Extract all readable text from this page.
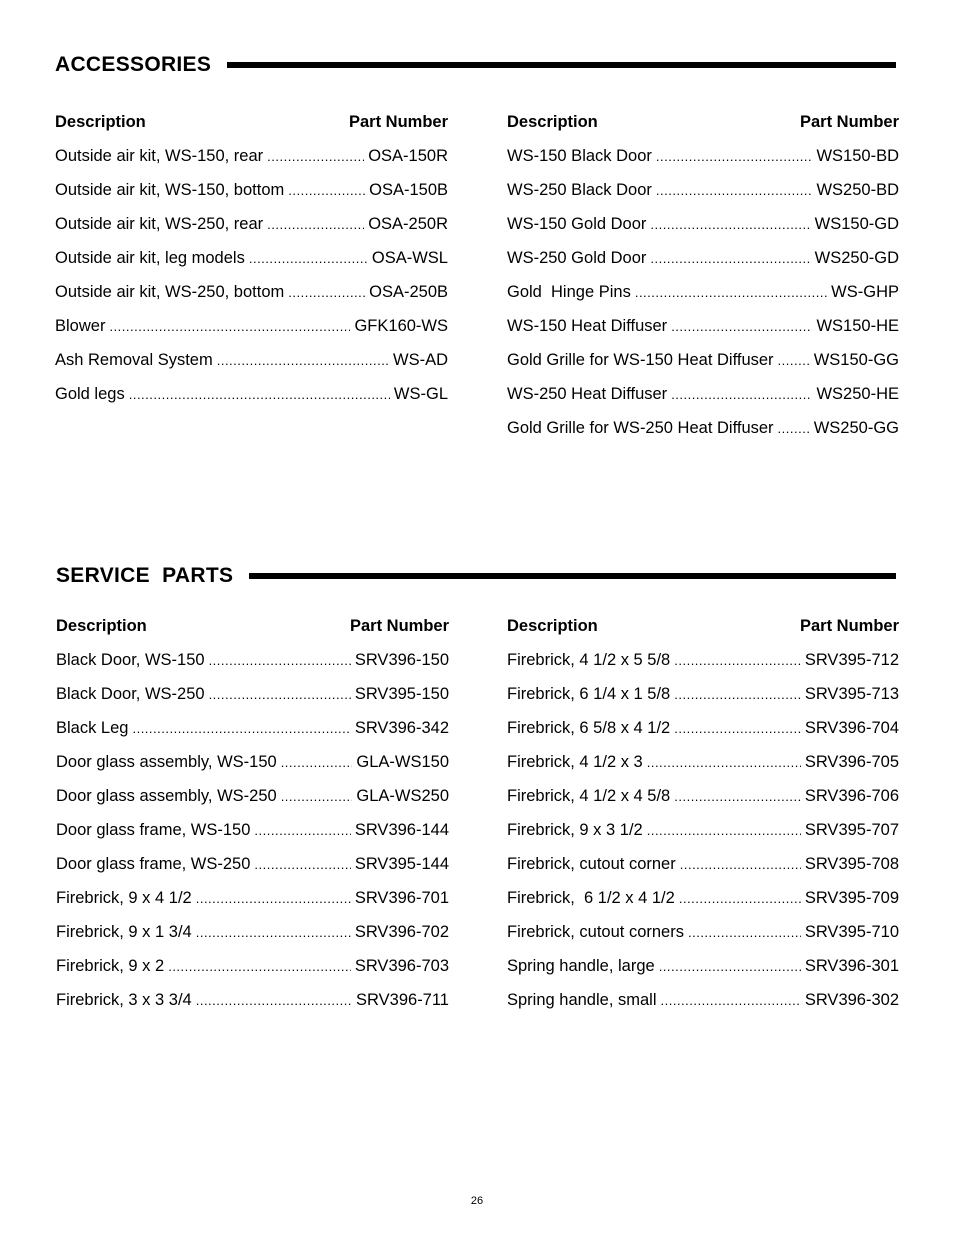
ACCESSORIES
Description	Part Number
Outside air kit, WS-150, rear .....	OSA-150R
Outside air kit, WS-150, bottom .....	OSA-150B
Outside air kit, WS-250, rear .....	OSA-250R
Outside air kit, leg models .....	OSA-WSL
Outside air kit, WS-250, bottom .....	OSA-250B
Blower .....	GFK160-WS
Ash Removal System .....	WS-AD
Gold legs .....	WS-GL
Description	Part Number
WS-150 Black Door .....	WS150-BD
WS-250 Black Door .....	WS250-BD
WS-150 Gold Door .....	WS150-GD
WS-250 Gold Door .....	WS250-GD
Gold  Hinge Pins .....	WS-GHP
WS-150 Heat Diffuser .....	WS150-HE
Gold Grille for WS-150 Heat Diffuser ..... WS150-GG
WS-250 Heat Diffuser .....	WS250-HE
Gold Grille for WS-250 Heat Diffuser ..... WS250-GG
SERVICE  PARTS
Description	Part Number
Black Door, WS-150 .....	SRV396-150
Black Door, WS-250 .....	SRV395-150
Black Leg .....	SRV396-342
Door glass assembly, WS-150 .....	GLA-WS150
Door glass assembly, WS-250 .....	GLA-WS250
Door glass frame, WS-150 .....	SRV396-144
Door glass frame, WS-250 .....	SRV395-144
Firebrick, 9 x 4 1/2 .....	SRV396-701
Firebrick, 9 x 1 3/4 .....	SRV396-702
Firebrick, 9 x 2 .....	SRV396-703
Firebrick, 3 x 3 3/4 .....	SRV396-711
Description	Part Number
Firebrick, 4 1/2 x 5 5/8 .....	SRV395-712
Firebrick, 6 1/4 x 1 5/8 .....	SRV395-713
Firebrick, 6 5/8 x 4 1/2 .....	SRV396-704
Firebrick, 4 1/2 x 3 .....	SRV396-705
Firebrick, 4 1/2 x 4 5/8 .....	SRV396-706
Firebrick, 9 x 3 1/2 .....	SRV395-707
Firebrick, cutout corner .....	SRV395-708
Firebrick,  6 1/2 x 4 1/2 .....	SRV395-709
Firebrick, cutout corners .....	SRV395-710
Spring handle, large .....	SRV396-301
Spring handle, small .....	SRV396-302
26
